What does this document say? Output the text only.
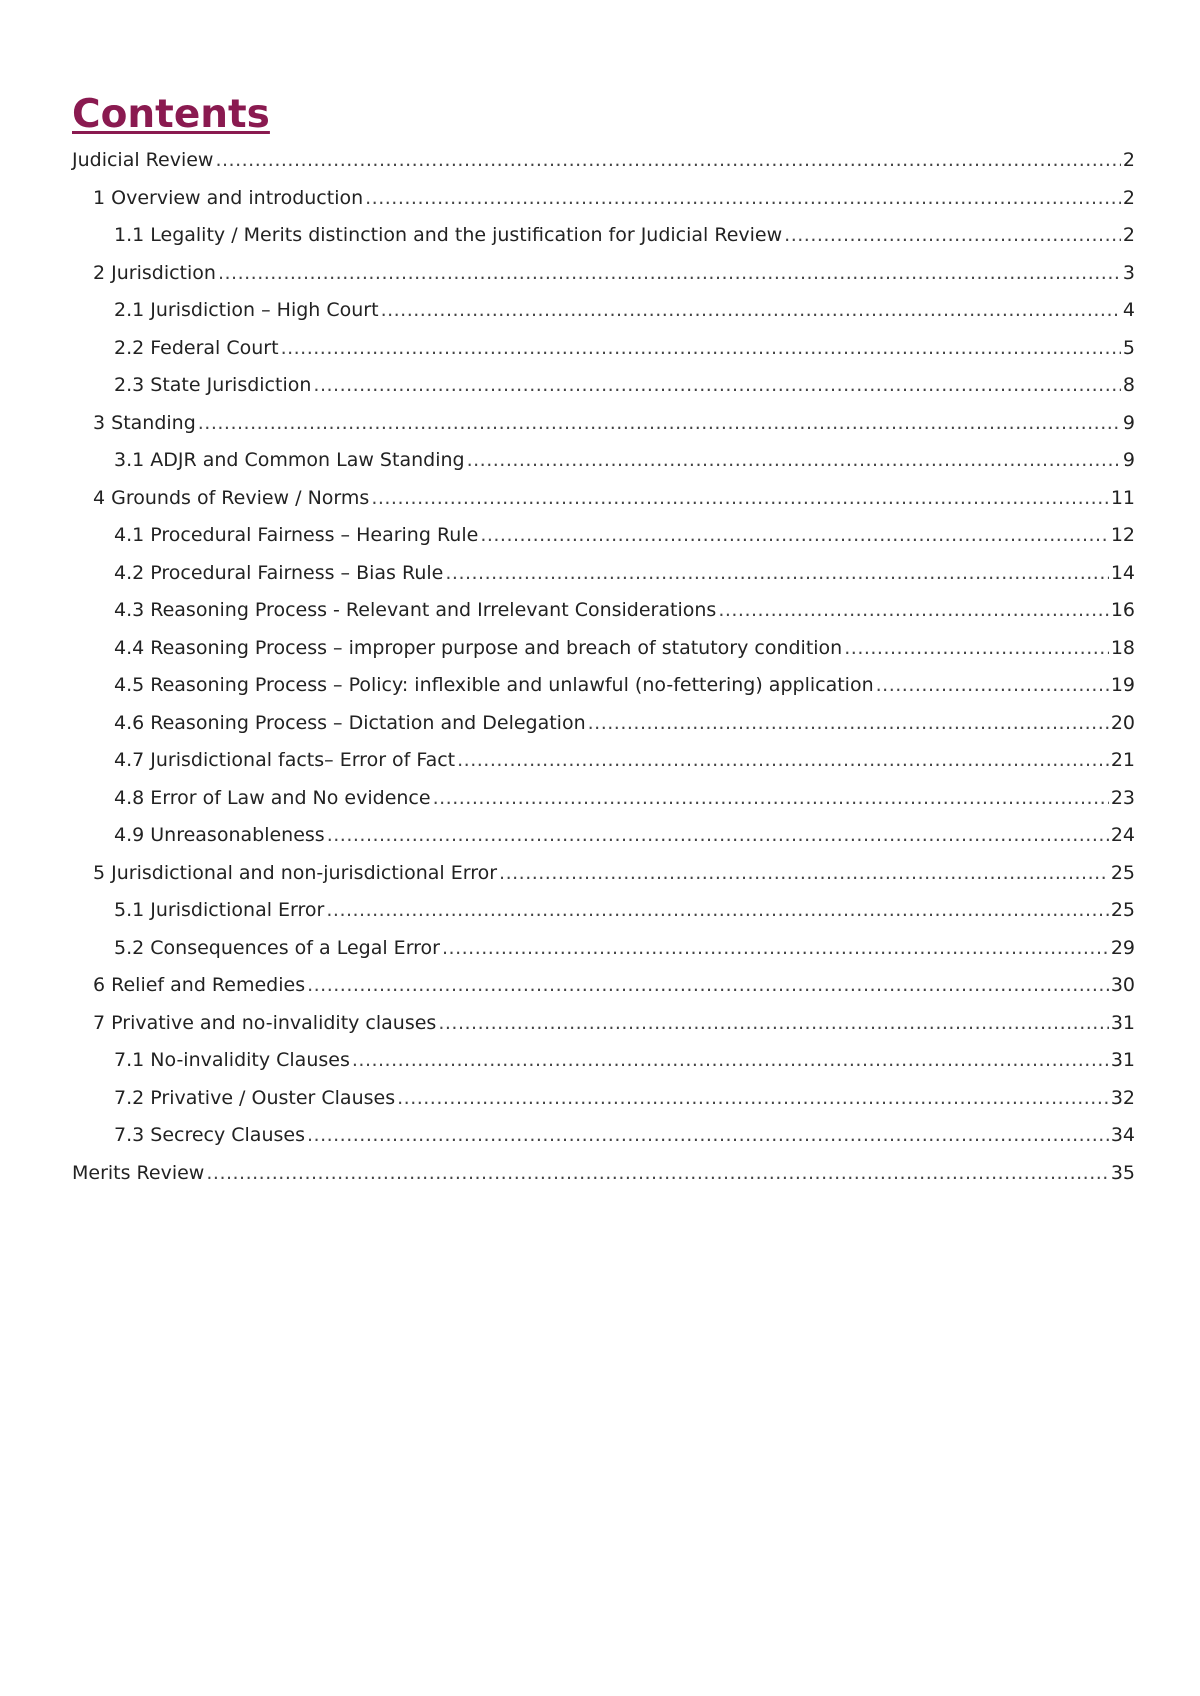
Contents
Judicial Review .....	2
1 Overview and introduction .....	2
1.1 Legality / Merits distinction and the justification for Judicial Review .....	2
2 Jurisdiction .....	3
2.1 Jurisdiction – High Court .....	4
2.2 Federal Court .....	5
2.3 State Jurisdiction .....	8
3 Standing .....	9
3.1 ADJR and Common Law Standing .....	9
4 Grounds of Review / Norms .....	11
4.1 Procedural Fairness – Hearing Rule .....	12
4.2 Procedural Fairness – Bias Rule .....	14
4.3 Reasoning Process - Relevant and Irrelevant Considerations .....	16
4.4 Reasoning Process – improper purpose and breach of statutory condition .....	18
4.5 Reasoning Process – Policy: inflexible and unlawful (no-fettering) application .....	19
4.6 Reasoning Process – Dictation and Delegation .....	20
4.7 Jurisdictional facts– Error of Fact .....	21
4.8 Error of Law and No evidence .....	23
4.9 Unreasonableness .....	24
5 Jurisdictional and non-jurisdictional Error .....	25
5.1 Jurisdictional Error .....	25
5.2 Consequences of a Legal Error .....	29
6 Relief and Remedies .....	30
7 Privative and no-invalidity clauses .....	31
7.1 No-invalidity Clauses .....	31
7.2 Privative / Ouster Clauses .....	32
7.3 Secrecy Clauses .....	34
Merits Review .....	35
